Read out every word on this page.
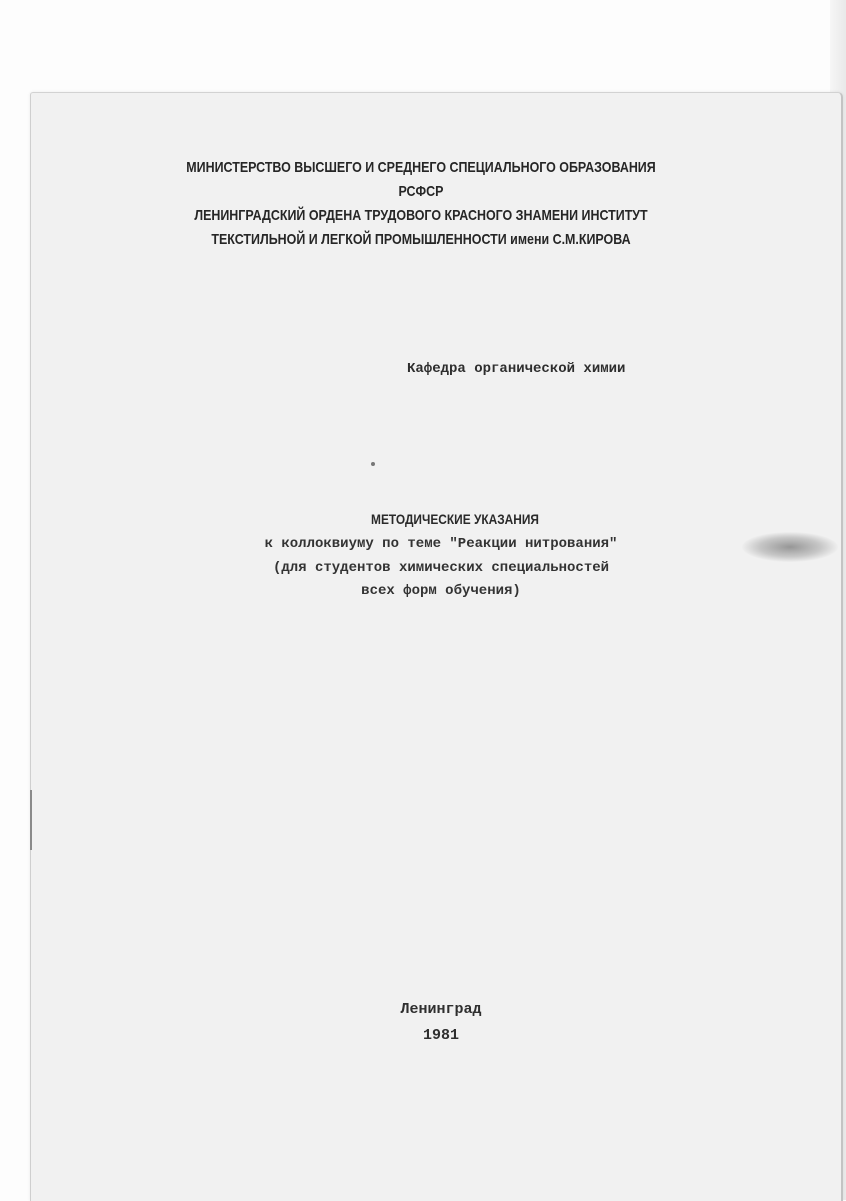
МИНИСТЕРСТВО ВЫСШЕГО И СРЕДНЕГО СПЕЦИАЛЬНОГО ОБРАЗОВАНИЯ

РСФСР

ЛЕНИНГРАДСКИЙ ОРДЕНА ТРУДОВОГО КРАСНОГО ЗНАМЕНИ ИНСТИТУТ

ТЕКСТИЛЬНОЙ И ЛЕГКОЙ ПРОМЫШЛЕННОСТИ имени С.М.КИРОВА

Кафедра органической химии

МЕТОДИЧЕСКИЕ УКАЗАНИЯ

к коллоквиуму по теме "Реакции нитрования"

(для студентов химических специальностей

всех форм обучения)

Ленинград

1981
